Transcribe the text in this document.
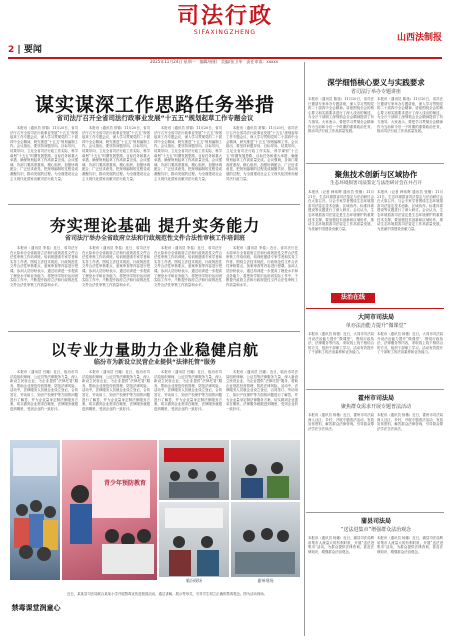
司法行政
SIFAXINGZHENG
山西法制报
2 | 要闻
2025年11月24日 星期一　编辑/崔阳　美编/张卫华　责任审读：xxxxx
谋实谋深工作思路任务举措
省司法厅召开全省司法行政事业发展“十五五”规划起草工作专题会议

本报讯（通讯员 常锦）11月20日，省司法厅召开全省司法行政事业发展“十五五”规划起草工作专题会议，深入学习贯彻党的二十届四中全会精神，研究推进“十五五”规划编制工作。会议指出，要坚持问题导向、目标导向、结果导向，立足全省司法行政工作实际，科学谋划“十五五”时期发展思路、目标任务和重大举措，确保规划起草工作高质量完成。会议强调，各部门要高度重视，精心组织，加强协调配合，广泛征求意见，把规划编制的过程变成凝聚共识、推动发展的过程，为全面建设社会主义现代化国家贡献司法行政力量。

本报讯（通讯员 常锦）11月20日，省司法厅召开全省司法行政事业发展“十五五”规划起草工作专题会议，深入学习贯彻党的二十届四中全会精神，研究推进“十五五”规划编制工作。会议指出，要坚持问题导向、目标导向、结果导向，立足全省司法行政工作实际，科学谋划“十五五”时期发展思路、目标任务和重大举措，确保规划起草工作高质量完成。会议强调，各部门要高度重视，精心组织，加强协调配合，广泛征求意见，把规划编制的过程变成凝聚共识、推动发展的过程，为全面建设社会主义现代化国家贡献司法行政力量。

本报讯（通讯员 常锦）11月20日，省司法厅召开全省司法行政事业发展“十五五”规划起草工作专题会议，深入学习贯彻党的二十届四中全会精神，研究推进“十五五”规划编制工作。会议指出，要坚持问题导向、目标导向、结果导向，立足全省司法行政工作实际，科学谋划“十五五”时期发展思路、目标任务和重大举措，确保规划起草工作高质量完成。会议强调，各部门要高度重视，精心组织，加强协调配合，广泛征求意见，把规划编制的过程变成凝聚共识、推动发展的过程，为全面建设社会主义现代化国家贡献司法行政力量。

本报讯（通讯员 常锦）11月20日，省司法厅召开全省司法行政事业发展“十五五”规划起草工作专题会议，深入学习贯彻党的二十届四中全会精神，研究推进“十五五”规划编制工作。会议指出，要坚持问题导向、目标导向、结果导向，立足全省司法行政工作实际，科学谋划“十五五”时期发展思路、目标任务和重大举措，确保规划起草工作高质量完成。会议强调，各部门要高度重视，精心组织，加强协调配合，广泛征求意见，把规划编制的过程变成凝聚共识、推动发展的过程，为全面建设社会主义现代化国家贡献司法行政力量。

夯实理论基础 提升实务能力
省司法厅举办全省政府立法和行政规范性文件合法性审核工作培训班

本报讯（通讯员 李卷）近日，省司法厅在太原举办全省政府立法和行政规范性文件合法性审核工作培训班。培训班邀请专家学者和实务工作者，围绕立法技术规范、行政规范性文件合法性审核要点、备案审查等内容进行授课。参训人员纷纷表示，通过培训进一步提高了理论水平和业务能力，将把所学知识运用到实际工作中，不断提升政府立法和行政规范性文件合法性审核工作质量和水平。

本报讯（通讯员 李卷）近日，省司法厅在太原举办全省政府立法和行政规范性文件合法性审核工作培训班。培训班邀请专家学者和实务工作者，围绕立法技术规范、行政规范性文件合法性审核要点、备案审查等内容进行授课。参训人员纷纷表示，通过培训进一步提高了理论水平和业务能力，将把所学知识运用到实际工作中，不断提升政府立法和行政规范性文件合法性审核工作质量和水平。

本报讯（通讯员 李卷）近日，省司法厅在太原举办全省政府立法和行政规范性文件合法性审核工作培训班。培训班邀请专家学者和实务工作者，围绕立法技术规范、行政规范性文件合法性审核要点、备案审查等内容进行授课。参训人员纷纷表示，通过培训进一步提高了理论水平和业务能力，将把所学知识运用到实际工作中，不断提升政府立法和行政规范性文件合法性审核工作质量和水平。

本报讯（通讯员 李卷）近日，省司法厅在太原举办全省政府立法和行政规范性文件合法性审核工作培训班。培训班邀请专家学者和实务工作者，围绕立法技术规范、行政规范性文件合法性审核要点、备案审查等内容进行授课。参训人员纷纷表示，通过培训进一步提高了理论水平和业务能力，将把所学知识运用到实际工作中，不断提升政府立法和行政规范性文件合法性审核工作质量和水平。

以专业力量助力企业稳健启航
临汾市为新设立民营企业提供“法律托管”服务

本报讯（通讯员 吕娜）近日，临汾市司法局组织律师、公证员等法律服务力量，深入新设立民营企业，为企业提供“法律托管”服务，帮助企业规范经营管理，防范法律风险。活动中，法律服务人员就企业设立登记、合同签订、劳动用工、知识产权保护等方面的问题进行了解答，并为企业量身定制法律服务方案，切实做到企业需求在哪里，法律服务就跟进到哪里，受到企业的一致好评。

本报讯（通讯员 吕娜）近日，临汾市司法局组织律师、公证员等法律服务力量，深入新设立民营企业，为企业提供“法律托管”服务，帮助企业规范经营管理，防范法律风险。活动中，法律服务人员就企业设立登记、合同签订、劳动用工、知识产权保护等方面的问题进行了解答，并为企业量身定制法律服务方案，切实做到企业需求在哪里，法律服务就跟进到哪里，受到企业的一致好评。

本报讯（通讯员 吕娜）近日，临汾市司法局组织律师、公证员等法律服务力量，深入新设立民营企业，为企业提供“法律托管”服务，帮助企业规范经营管理，防范法律风险。活动中，法律服务人员就企业设立登记、合同签订、劳动用工、知识产权保护等方面的问题进行了解答，并为企业量身定制法律服务方案，切实做到企业需求在哪里，法律服务就跟进到哪里，受到企业的一致好评。

本报讯（通讯员 吕娜）近日，临汾市司法局组织律师、公证员等法律服务力量，深入新设立民营企业，为企业提供“法律托管”服务，帮助企业规范经营管理，防范法律风险。活动中，法律服务人员就企业设立登记、合同签订、劳动用工、知识产权保护等方面的问题进行了解答，并为企业量身定制法律服务方案，切实做到企业需求在哪里，法律服务就跟进到哪里，受到企业的一致好评。

青少年预防教育
临汾现场	霍州现场
禁毒课堂润童心
近日，某某县司法局联合某某小学开展禁毒宣传进校园活动，通过讲解、展示等形式，引导学生树立正确的禁毒观念。图为活动现场。
深学细悟核心要义与实践要求
省司法厅举办专题讲座

本报讯（通讯员 陈逸）11月20日，省司法厅邀请专家举办专题讲座，深入学习贯彻党的二十届四中全会精神。讲座围绕全会的核心要义和实践要求进行了深入浅出的阐述，为全厅干部职工深刻领会全会精神提供了有力指导。大家表示，要把学习贯彻全会精神作为当前和今后一个时期的重要政治任务，推动司法行政工作高质量发展。

本报讯（通讯员 陈逸）11月20日，省司法厅邀请专家举办专题讲座，深入学习贯彻党的二十届四中全会精神。讲座围绕全会的核心要义和实践要求进行了深入浅出的阐述，为全厅干部职工深刻领会全会精神提供了有力指导。大家表示，要把学习贯彻全会精神作为当前和今后一个时期的重要政治任务，推动司法行政工作高质量发展。

聚焦技术创新与区域协作
生态环境损害司法鉴定与法治研讨会在并召开

本报讯（记者 韩伟辉 通讯员 张楷）11月21日，生态环境损害司法鉴定与法治研讨会在太原召开。与会专家学者围绕生态环境损害司法鉴定技术创新、区域协作、标准体系建设等议题进行了深入研讨。会议认为，生态环境损害司法鉴定是生态环境保护的重要技术支撑，要加强技术创新和区域协作，推动生态环境损害司法鉴定工作高质量发展，为美丽中国建设贡献力量。

本报讯（记者 韩伟辉 通讯员 张楷）11月21日，生态环境损害司法鉴定与法治研讨会在太原召开。与会专家学者围绕生态环境损害司法鉴定技术创新、区域协作、标准体系建设等议题进行了深入研讨。会议认为，生态环境损害司法鉴定是生态环境保护的重要技术支撑，要加强技术创新和区域协作，推动生态环境损害司法鉴定工作高质量发展，为美丽中国建设贡献力量。

法治在线
大同市司法局
单亦法治能力提升“微课堂”

本报讯（通讯员 杨蕾）近日，大同市司法局开设法治能力提升“微课堂”，围绕行政执法、法律服务等内容，采取线上线下相结合的方式，组织干部职工学习。活动有效提升了干部职工的法治素养和业务能力。

本报讯（通讯员 杨蕾）近日，大同市司法局开设法治能力提升“微课堂”，围绕行政执法、法律服务等内容，采取线上线下相结合的方式，组织干部职工学习。活动有效提升了干部职工的法治素养和业务能力。

霍州市司法局
聚焦群众需求开展专题普法活动

本报讯（通讯员 杨楷）近日，霍州市司法局深入社区、乡村，开展专题普法活动，发放宣传资料，解答群众法律咨询，引导群众尊法学法守法用法。

本报讯（通讯员 杨楷）近日，霍州市司法局深入社区、乡村，开展专题普法活动，发放宣传资料，解答群众法律咨询，引导群众尊法学法守法用法。

蒲县司法局
“送法进集市”增强群众法治观念

本报讯（通讯员 杨娜）近日，蒲县司法局利用集市人流量大的有利时机，开展“送法进集市”活动，为群众提供法律咨询，普及法律知识，增强群众法治观念。

本报讯（通讯员 杨娜）近日，蒲县司法局利用集市人流量大的有利时机，开展“送法进集市”活动，为群众提供法律咨询，普及法律知识，增强群众法治观念。
